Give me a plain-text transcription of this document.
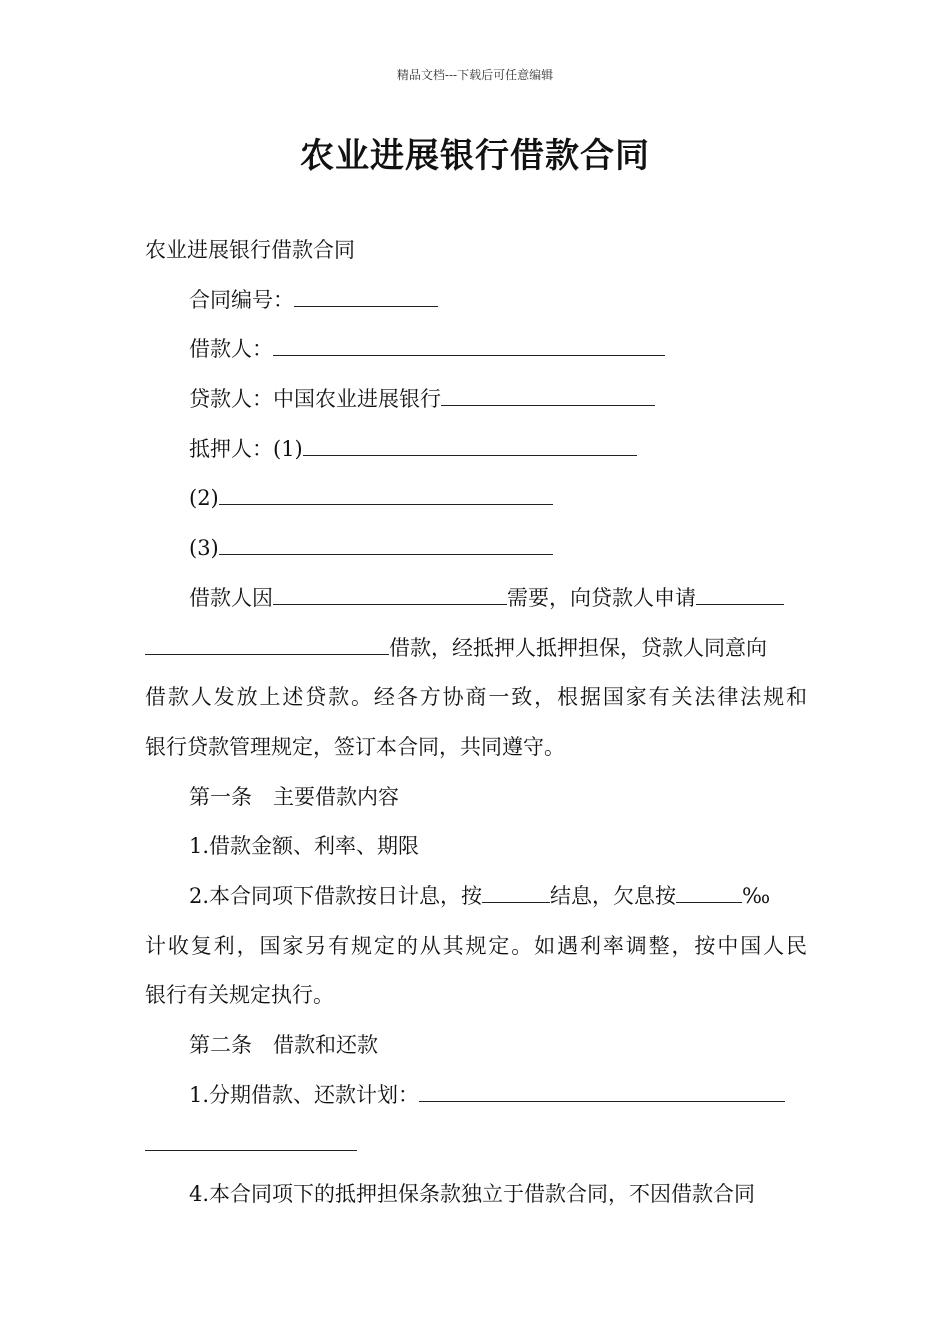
精品文档---下载后可任意编辑
农业进展银行借款合同
农业进展银行借款合同
合同编号：
借款人：
贷款人：中国农业进展银行
抵押人：(1)
(2)
(3)
借款人因	需要，向贷款人申请
借款，经抵押人抵押担保，贷款人同意向
借款人发放上述贷款。经各方协商一致，根据国家有关法律法规和
银行贷款管理规定，签订本合同，共同遵守。
第一条　主要借款内容
1.借款金额、利率、期限
2.本合同项下借款按日计息，按	结息，欠息按	‰
计收复利，国家另有规定的从其规定。如遇利率调整，按中国人民
银行有关规定执行。
第二条　借款和还款
1.分期借款、还款计划：
4.本合同项下的抵押担保条款独立于借款合同，不因借款合同
